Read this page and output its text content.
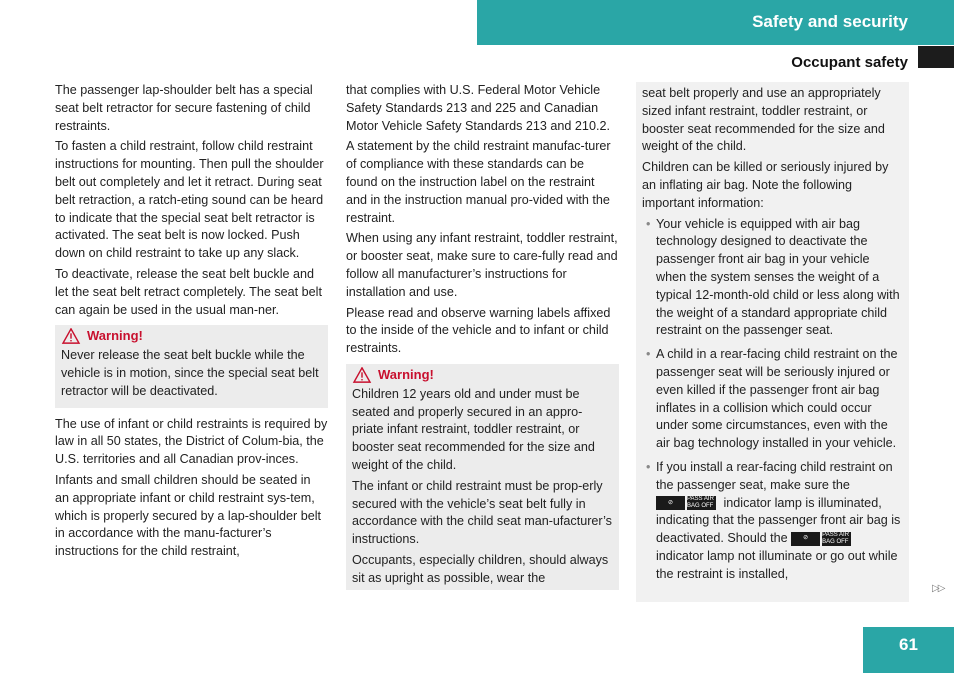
Safety and security
Occupant safety

The passenger lap-shoulder belt has a special seat belt retractor for secure fastening of child restraints.

To fasten a child restraint, follow child restraint instructions for mounting. Then pull the shoulder belt out completely and let it retract. During seat belt retraction, a ratch-eting sound can be heard to indicate that the special seat belt retractor is activated. The seat belt is now locked. Push down on child restraint to take up any slack.

To deactivate, release the seat belt buckle and let the seat belt retract completely. The seat belt can again be used in the usual man-ner.

Warning!

Never release the seat belt buckle while the vehicle is in motion, since the special seat belt retractor will be deactivated.

The use of infant or child restraints is required by law in all 50 states, the District of Colum-bia, the U.S. territories and all Canadian prov-inces.

Infants and small children should be seated in an appropriate infant or child restraint sys-tem, which is properly secured by a lap-shoulder belt in accordance with the manu-facturer’s instructions for the child restraint,

that complies with U.S. Federal Motor Vehicle Safety Standards 213 and 225 and Canadian Motor Vehicle Safety Standards 213 and 210.2.

A statement by the child restraint manufac-turer of compliance with these standards can be found on the instruction label on the restraint and in the instruction manual pro-vided with the restraint.

When using any infant restraint, toddler restraint, or booster seat, make sure to care-fully read and follow all manufacturer’s instructions for installation and use.

Please read and observe warning labels affixed to the inside of the vehicle and to infant or child restraints.

Warning!

Children 12 years old and under must be seated and properly secured in an appro-priate infant restraint, toddler restraint, or booster seat recommended for the size and weight of the child.

The infant or child restraint must be prop-erly secured with the vehicle’s seat belt fully in accordance with the child seat man-ufacturer’s instructions.

Occupants, especially children, should always sit as upright as possible, wear the

seat belt properly and use an appropriately sized infant restraint, toddler restraint, or booster seat recommended for the size and weight of the child.

Children can be killed or seriously injured by an inflating air bag. Note the following important information:

• Your vehicle is equipped with air bag technology designed to deactivate the passenger front air bag in your vehicle when the system senses the weight of a typical 12-month-old child or less along with the weight of a standard appropriate child restraint on the passenger seat.
• A child in a rear-facing child restraint on the passenger seat will be seriously injured or even killed if the passenger front air bag inflates in a collision which could occur under some circumstances, even with the air bag technology installed in your vehicle.
• If you install a rear-facing child restraint on the passenger seat, make sure the
⊘
PASS AIR BAG OFF indicator lamp is illuminated, indicating that the passenger front air bag is deactivated. Should the	⊘
PASS AIR BAG OFF
indicator lamp not illuminate or go out while the restraint is installed,
▷▷
61
